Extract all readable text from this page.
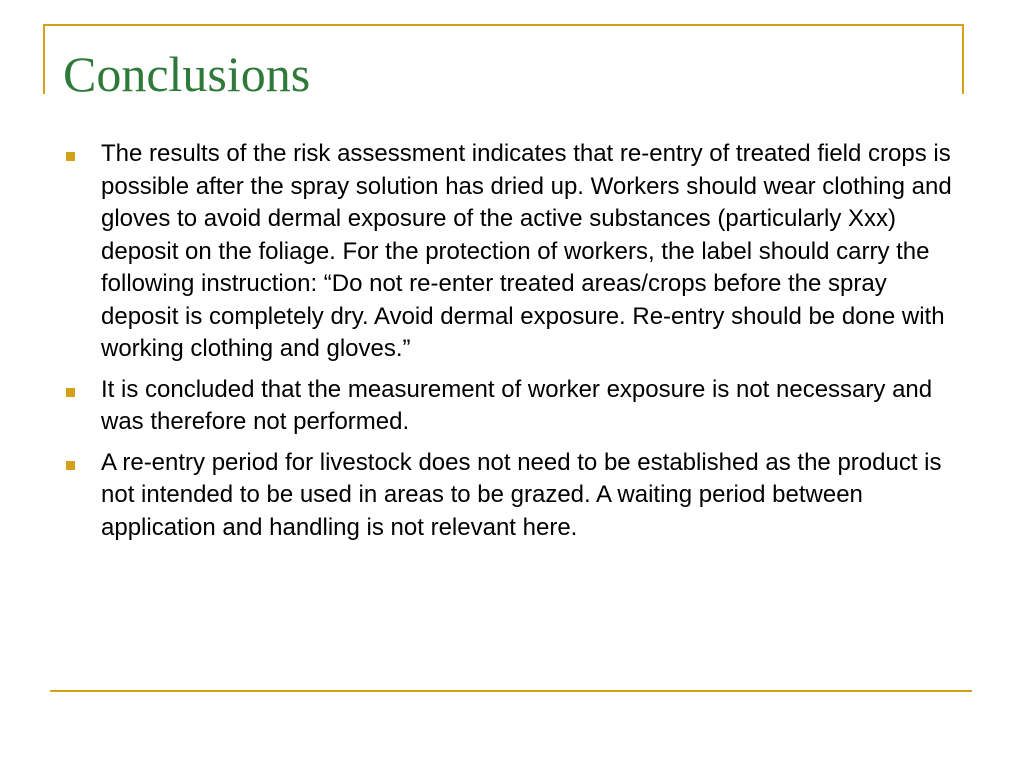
Conclusions
The results of the risk assessment indicates that re-entry of treated field crops is possible after the spray solution has dried up. Workers should wear clothing and gloves to avoid dermal exposure of the active substances (particularly Xxx) deposit on the foliage. For the protection of workers, the label should carry the following instruction: “Do not re-enter treated areas/crops before the spray deposit is completely dry. Avoid dermal exposure. Re-entry should be done with working clothing and gloves.”
It is concluded that the measurement of worker exposure is not necessary and was therefore not performed.
A re-entry period for livestock does not need to be established as the product is not intended to be used in areas to be grazed. A waiting period between application and handling is not relevant here.
